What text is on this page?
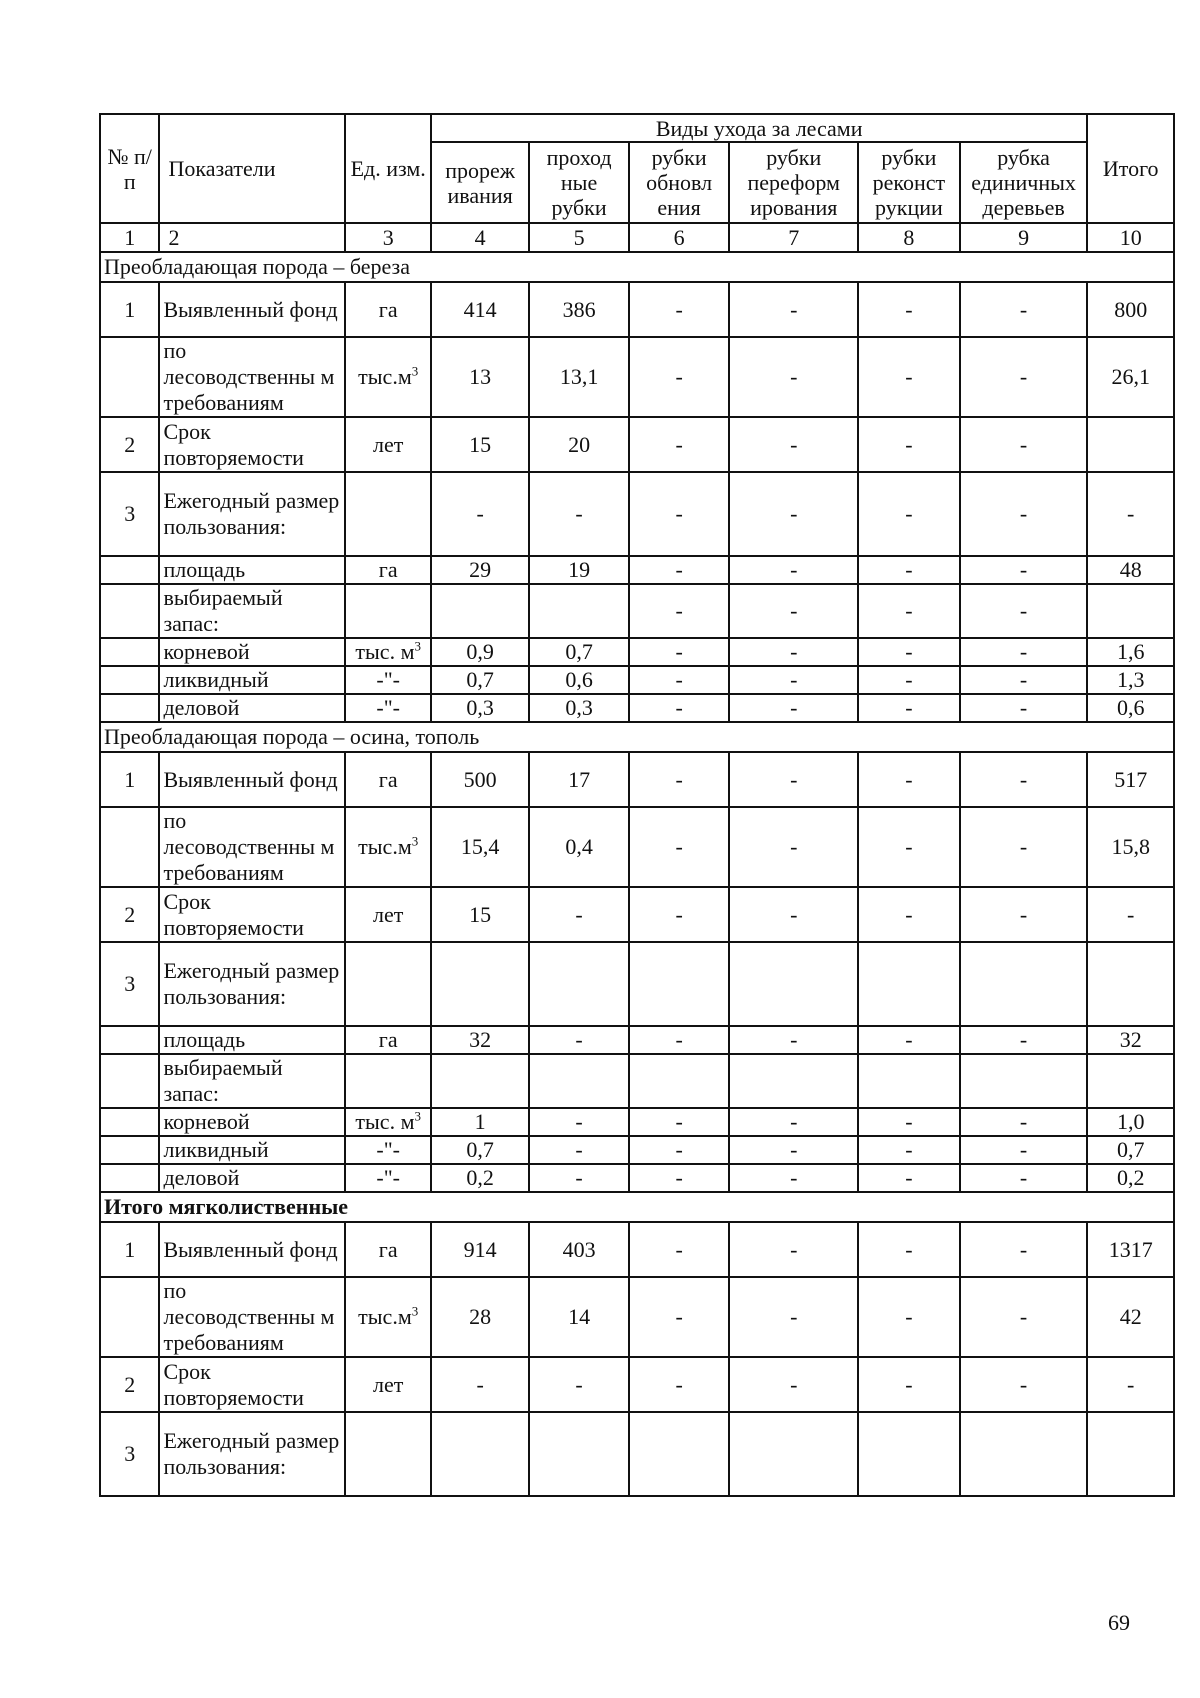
№ п/п	Показатели	Ед. изм.	Виды ухода за лесами						Итого
			прореж ивания	проход ные рубки	рубки обновл ения	рубки переформ ирования	рубки реконст рукции	рубка единичных деревьев	
1	2	3	4	5	6	7	8	9	10
Преобладающая порода – береза									
1	Выявленный фонд	га	414	386	-	-	-	-	800
	по лесоводственны м требованиям	$тыс.м^3$	13	13,1	-	-	-	-	26,1
2	Срок повторяемости	лет	15	20	-	-	-	-	
3	Ежегодный размер пользования:		-	-	-	-	-	-	-
	площадь	га	29	19	-	-	-	-	48
	выбираемый запас:				-	-	-	-	
	корневой	тыс. $м^3$	0,9	0,7	-	-	-	-	1,6
	ликвидный	-"-	0,7	0,6	-	-	-	-	1,3
	деловой	-"-	0,3	0,3	-	-	-	-	0,6
Преобладающая порода – осина, тополь									
1	Выявленный фонд	га	500	17	-	-	-	-	517
	по лесоводственны м требованиям	$тыс.м^3$	15,4	0,4	-	-	-	-	15,8
2	Срок повторяемости	лет	15	-	-	-	-	-	-
3	Ежегодный размер пользования:								
	площадь	га	32	-	-	-	-	-	32
	выбираемый запас:								
	корневой	тыс. $м^3$	1	-	-	-	-	-	1,0
	ликвидный	-"-	0,7	-	-	-	-	-	0,7
	деловой	-"-	0,2	-	-	-	-	-	0,2
Итого мягколиственные									
1	Выявленный фонд	га	914	403	-	-	-	-	1317
	по лесоводственны м требованиям	$тыс.м^3$	28	14	-	-	-	-	42
2	Срок повторяемости	лет	-	-	-	-	-	-	-
3	Ежегодный размер пользования:								
69
